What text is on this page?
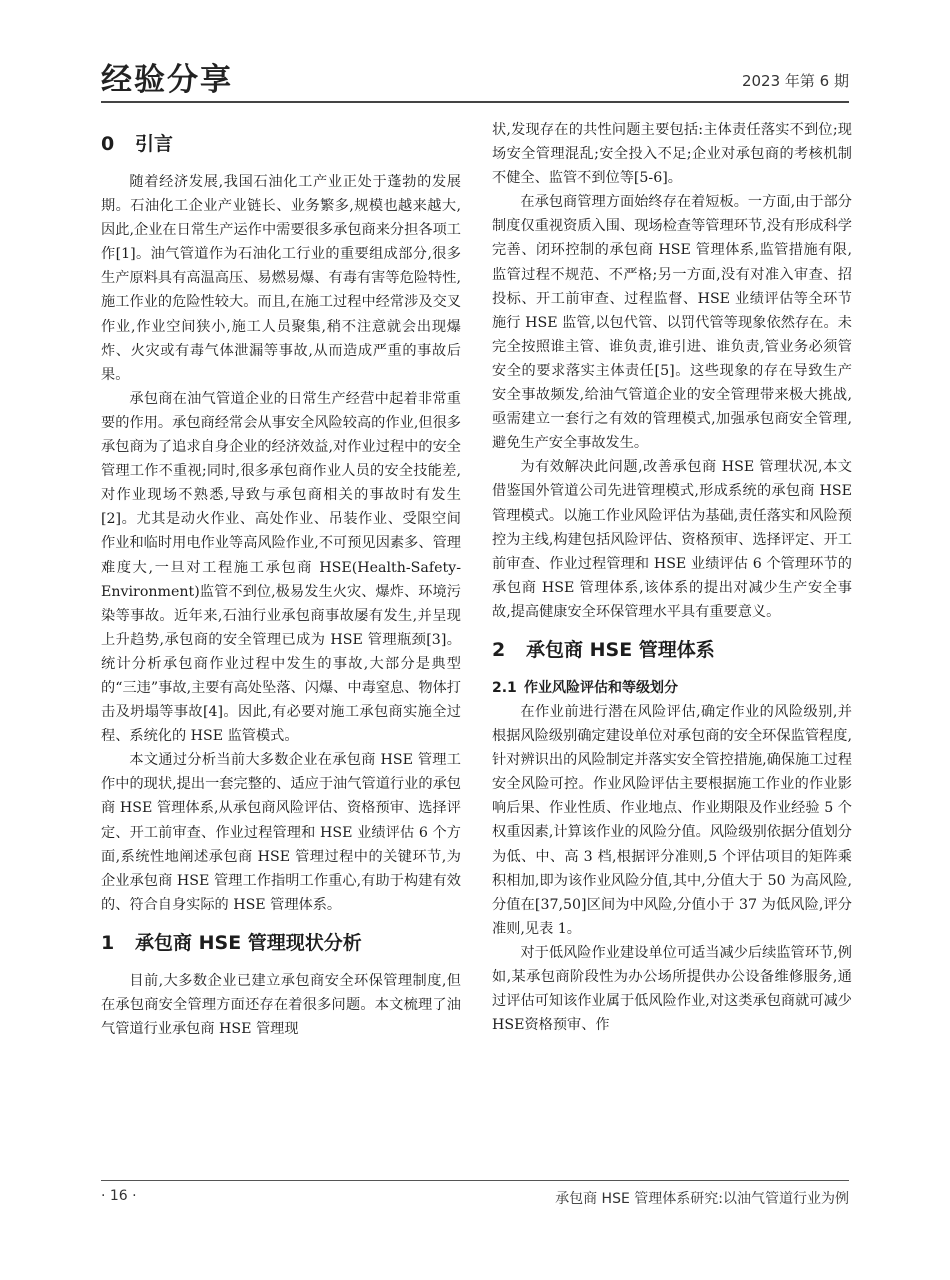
经验分享	2023 年第 6 期
0 引言

随着经济发展,我国石油化工产业正处于蓬勃的发展期。石油化工企业产业链长、业务繁多,规模也越来越大,因此,企业在日常生产运作中需要很多承包商来分担各项工作[1]。油气管道作为石油化工行业的重要组成部分,很多生产原料具有高温高压、易燃易爆、有毒有害等危险特性,施工作业的危险性较大。而且,在施工过程中经常涉及交叉作业,作业空间狭小,施工人员聚集,稍不注意就会出现爆炸、火灾或有毒气体泄漏等事故,从而造成严重的事故后果。

承包商在油气管道企业的日常生产经营中起着非常重要的作用。承包商经常会从事安全风险较高的作业,但很多承包商为了追求自身企业的经济效益,对作业过程中的安全管理工作不重视;同时,很多承包商作业人员的安全技能差,对作业现场不熟悉,导致与承包商相关的事故时有发生[2]。尤其是动火作业、高处作业、吊装作业、受限空间作业和临时用电作业等高风险作业,不可预见因素多、管理难度大,一旦对工程施工承包商 HSE(Health-Safety-Environment)监管不到位,极易发生火灾、爆炸、环境污染等事故。近年来,石油行业承包商事故屡有发生,并呈现上升趋势,承包商的安全管理已成为 HSE 管理瓶颈[3]。统计分析承包商作业过程中发生的事故,大部分是典型的“三违”事故,主要有高处坠落、闪爆、中毒窒息、物体打击及坍塌等事故[4]。因此,有必要对施工承包商实施全过程、系统化的 HSE 监管模式。

本文通过分析当前大多数企业在承包商 HSE 管理工作中的现状,提出一套完整的、适应于油气管道行业的承包商 HSE 管理体系,从承包商风险评估、资格预审、选择评定、开工前审查、作业过程管理和 HSE 业绩评估 6 个方面,系统性地阐述承包商 HSE 管理过程中的关键环节,为企业承包商 HSE 管理工作指明工作重心,有助于构建有效的、符合自身实际的 HSE 管理体系。

1 承包商 HSE 管理现状分析

目前,大多数企业已建立承包商安全环保管理制度,但在承包商安全管理方面还存在着很多问题。本文梳理了油气管道行业承包商 HSE 管理现

状,发现存在的共性问题主要包括:主体责任落实不到位;现场安全管理混乱;安全投入不足;企业对承包商的考核机制不健全、监管不到位等[5-6]。

在承包商管理方面始终存在着短板。一方面,由于部分制度仅重视资质入围、现场检查等管理环节,没有形成科学完善、闭环控制的承包商 HSE 管理体系,监管措施有限,监管过程不规范、不严格;另一方面,没有对准入审查、招投标、开工前审查、过程监督、HSE 业绩评估等全环节施行 HSE 监管,以包代管、以罚代管等现象依然存在。未完全按照谁主管、谁负责,谁引进、谁负责,管业务必须管安全的要求落实主体责任[5]。这些现象的存在导致生产安全事故频发,给油气管道企业的安全管理带来极大挑战,亟需建立一套行之有效的管理模式,加强承包商安全管理,避免生产安全事故发生。

为有效解决此问题,改善承包商 HSE 管理状况,本文借鉴国外管道公司先进管理模式,形成系统的承包商 HSE 管理模式。以施工作业风险评估为基础,责任落实和风险预控为主线,构建包括风险评估、资格预审、选择评定、开工前审查、作业过程管理和 HSE 业绩评估 6 个管理环节的承包商 HSE 管理体系,该体系的提出对减少生产安全事故,提高健康安全环保管理水平具有重要意义。

2 承包商 HSE 管理体系
2.1 作业风险评估和等级划分

在作业前进行潜在风险评估,确定作业的风险级别,并根据风险级别确定建设单位对承包商的安全环保监管程度,针对辨识出的风险制定并落实安全管控措施,确保施工过程安全风险可控。作业风险评估主要根据施工作业的作业影响后果、作业性质、作业地点、作业期限及作业经验 5 个权重因素,计算该作业的风险分值。风险级别依据分值划分为低、中、高 3 档,根据评分准则,5 个评估项目的矩阵乘积相加,即为该作业风险分值,其中,分值大于 50 为高风险,分值在[37,50]区间为中风险,分值小于 37 为低风险,评分准则,见表 1。

对于低风险作业建设单位可适当减少后续监管环节,例如,某承包商阶段性为办公场所提供办公设备维修服务,通过评估可知该作业属于低风险作业,对这类承包商就可减少HSE资格预审、作

· 16 ·	承包商 HSE 管理体系研究:以油气管道行业为例
